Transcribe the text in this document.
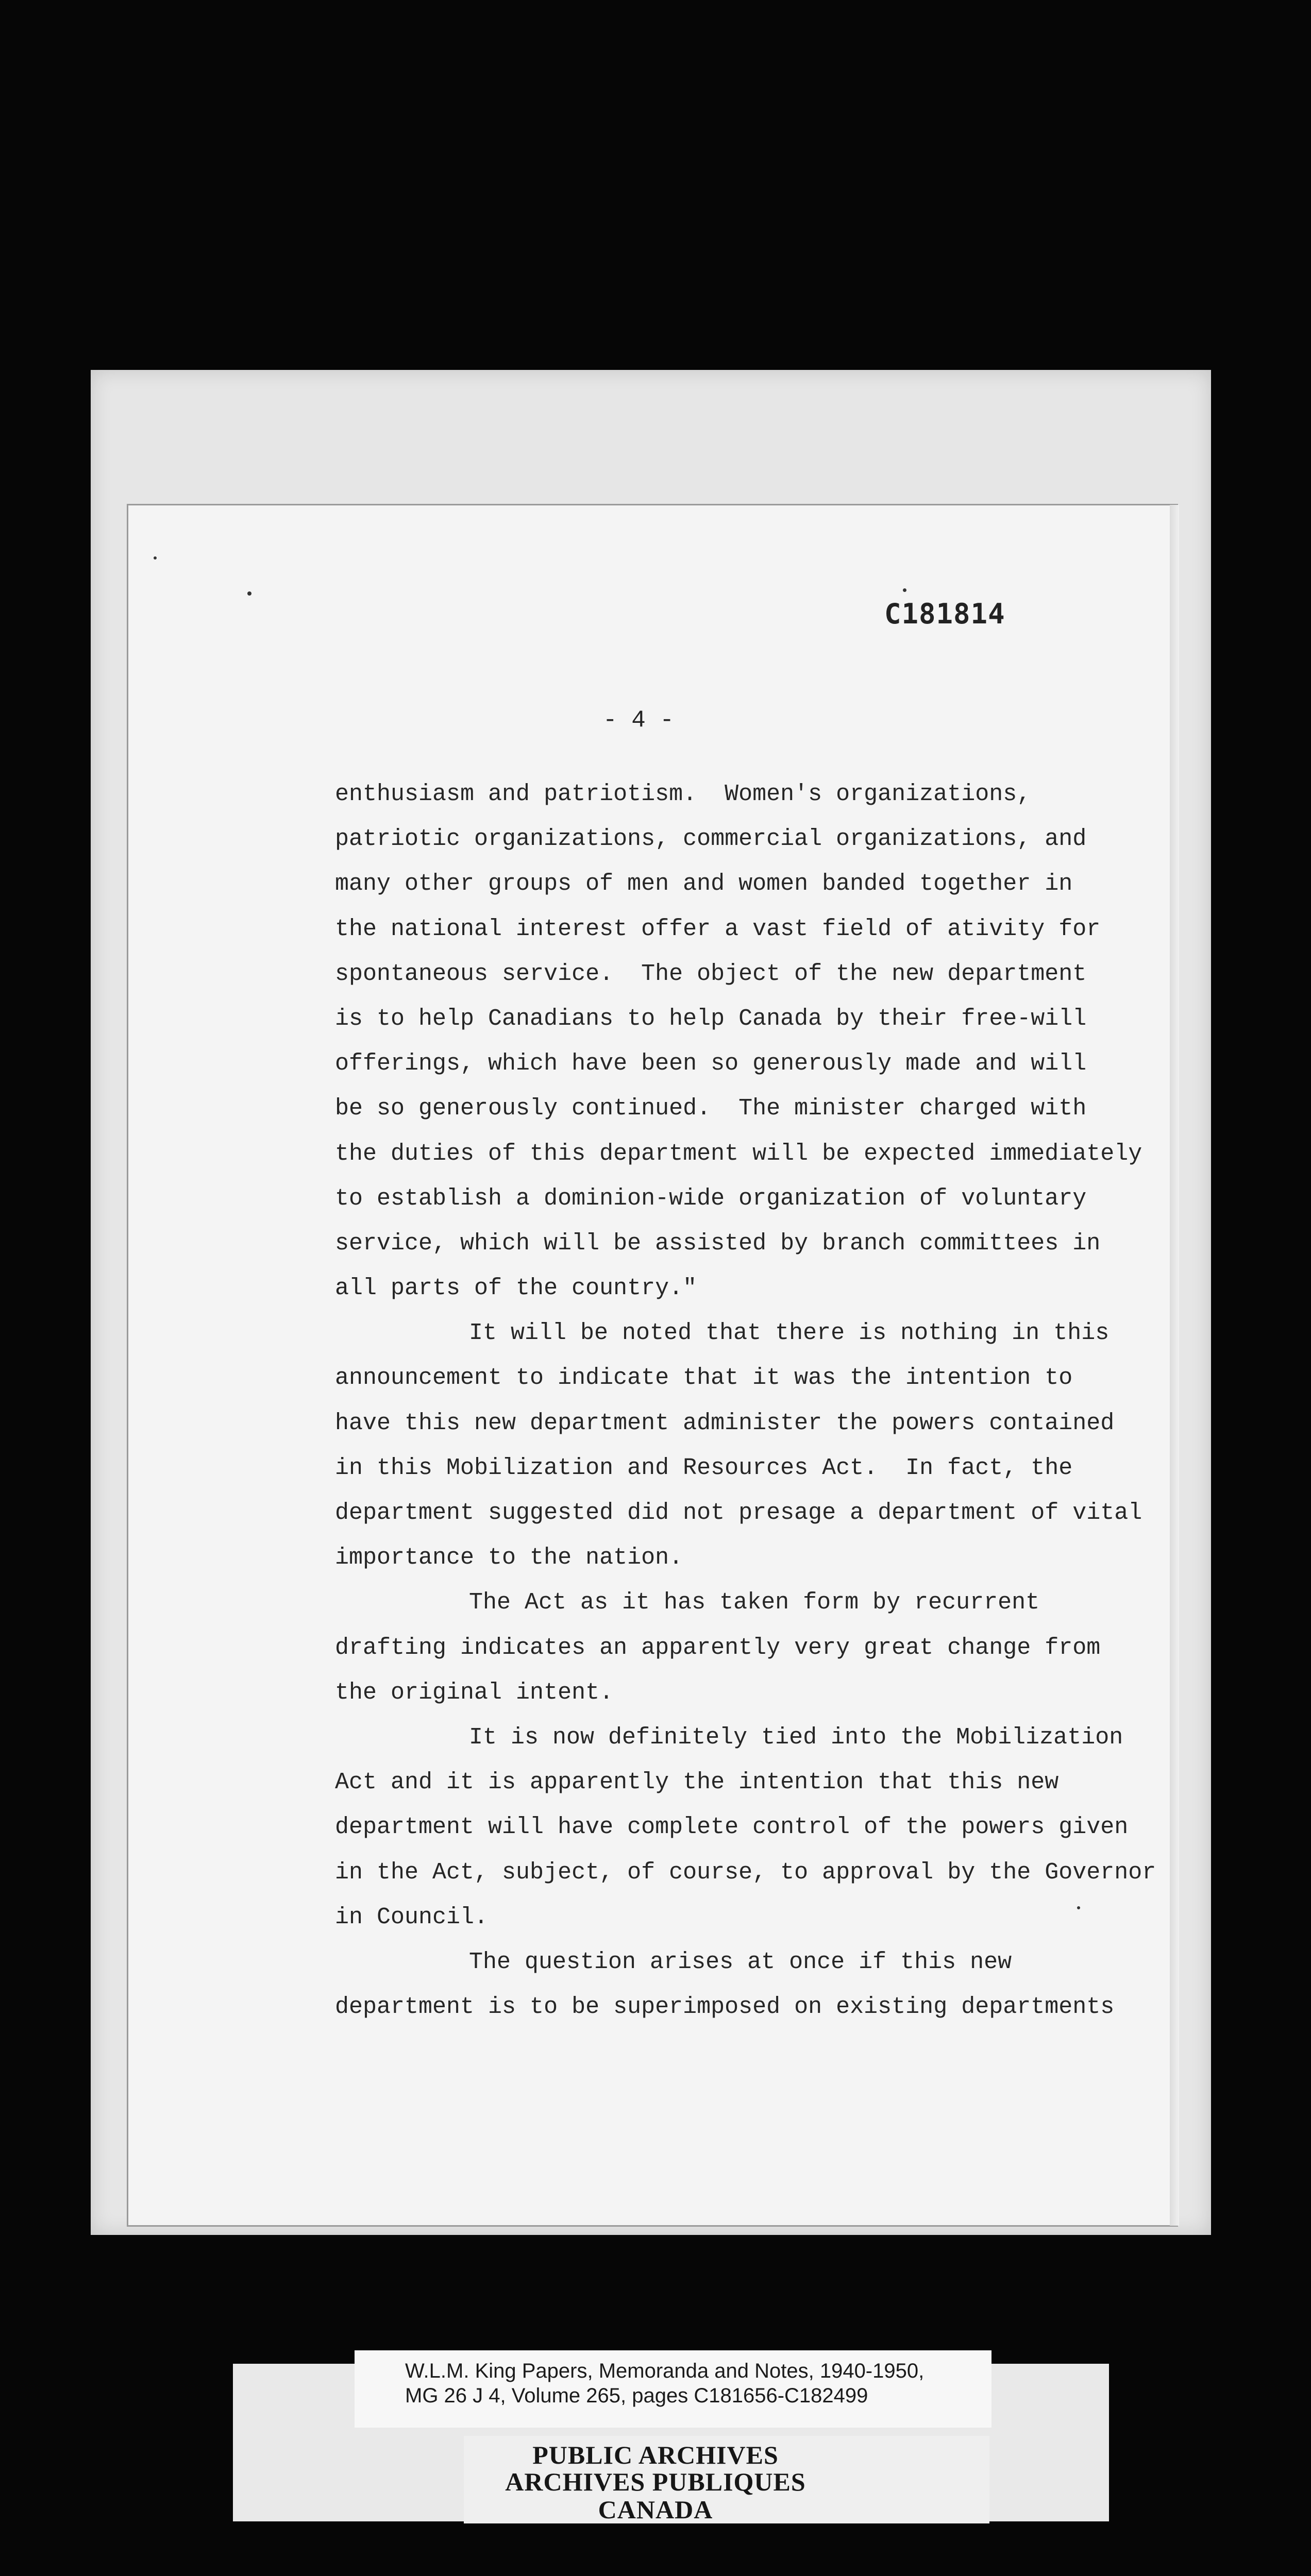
C181814
- 4 -
enthusiasm and patriotism.  Women's organizations,
patriotic organizations, commercial organizations, and
many other groups of men and women banded together in
the national interest offer a vast field of ativity for
spontaneous service.  The object of the new department
is to help Canadians to help Canada by their free-will
offerings, which have been so generously made and will
be so generously continued.  The minister charged with
the duties of this department will be expected immediately
to establish a dominion-wide organization of voluntary
service, which will be assisted by branch committees in
all parts of the country."
It will be noted that there is nothing in this
announcement to indicate that it was the intention to
have this new department administer the powers contained
in this Mobilization and Resources Act.  In fact, the
department suggested did not presage a department of vital
importance to the nation.
The Act as it has taken form by recurrent
drafting indicates an apparently very great change from
the original intent.
It is now definitely tied into the Mobilization
Act and it is apparently the intention that this new
department will have complete control of the powers given
in the Act, subject, of course, to approval by the Governor
in Council.
The question arises at once if this new
department is to be superimposed on existing departments
W.L.M. King Papers, Memoranda and Notes, 1940-1950,
MG 26 J 4, Volume 265, pages C181656-C182499
PUBLIC ARCHIVES
ARCHIVES PUBLIQUES
CANADA
